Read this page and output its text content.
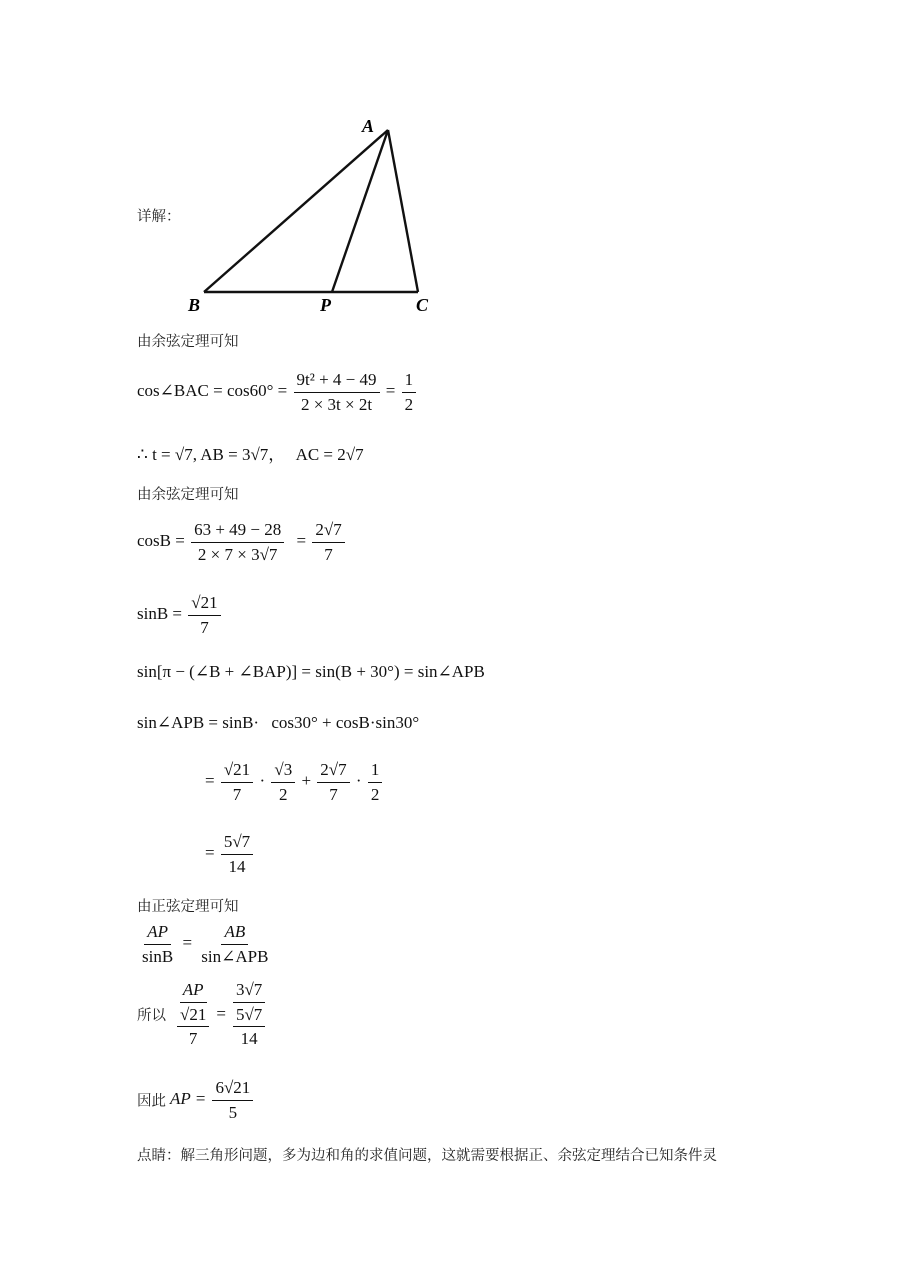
A
B	P	C
详解：
由余弦定理可知
cos∠BAC = $\cos 60^\circ = \frac{\text{9t² + 4 − 49}}{2 \times 3t \times 2t} = \frac{1}{2}$
∴ t = √7, AB = 3√7， AC = 2√7
由余弦定理可知
$\cos B = \frac{63 + 49 - 28}{2 \times 7 \times 3√7} = \frac{2√7}{7}$
$\sin B = \frac{√21}{7}$
sin[π − (∠B + ∠BAP)] = sin(B + 30°) = sin∠APB
sin∠APB = sinB· cos30° + cosB·sin30°
= $\frac{√21}{7} \cdot \frac{√3}{2} + \frac{2√7}{7} \cdot \frac{1}{2}$
= $\frac{5√7}{14}$
由正弦定理可知
$\frac{AP}{\sin B} = \frac{AB}{\text{sin∠APB}}$
所以 $\frac{AP}{\frac{√21}{7}} = \frac{3√7}{\frac{5√7}{14}}$
因此 AP = $\frac{6√21}{5}$
点睛：解三角形问题，多为边和角的求值问题，这就需要根据正、余弦定理结合已知条件灵
